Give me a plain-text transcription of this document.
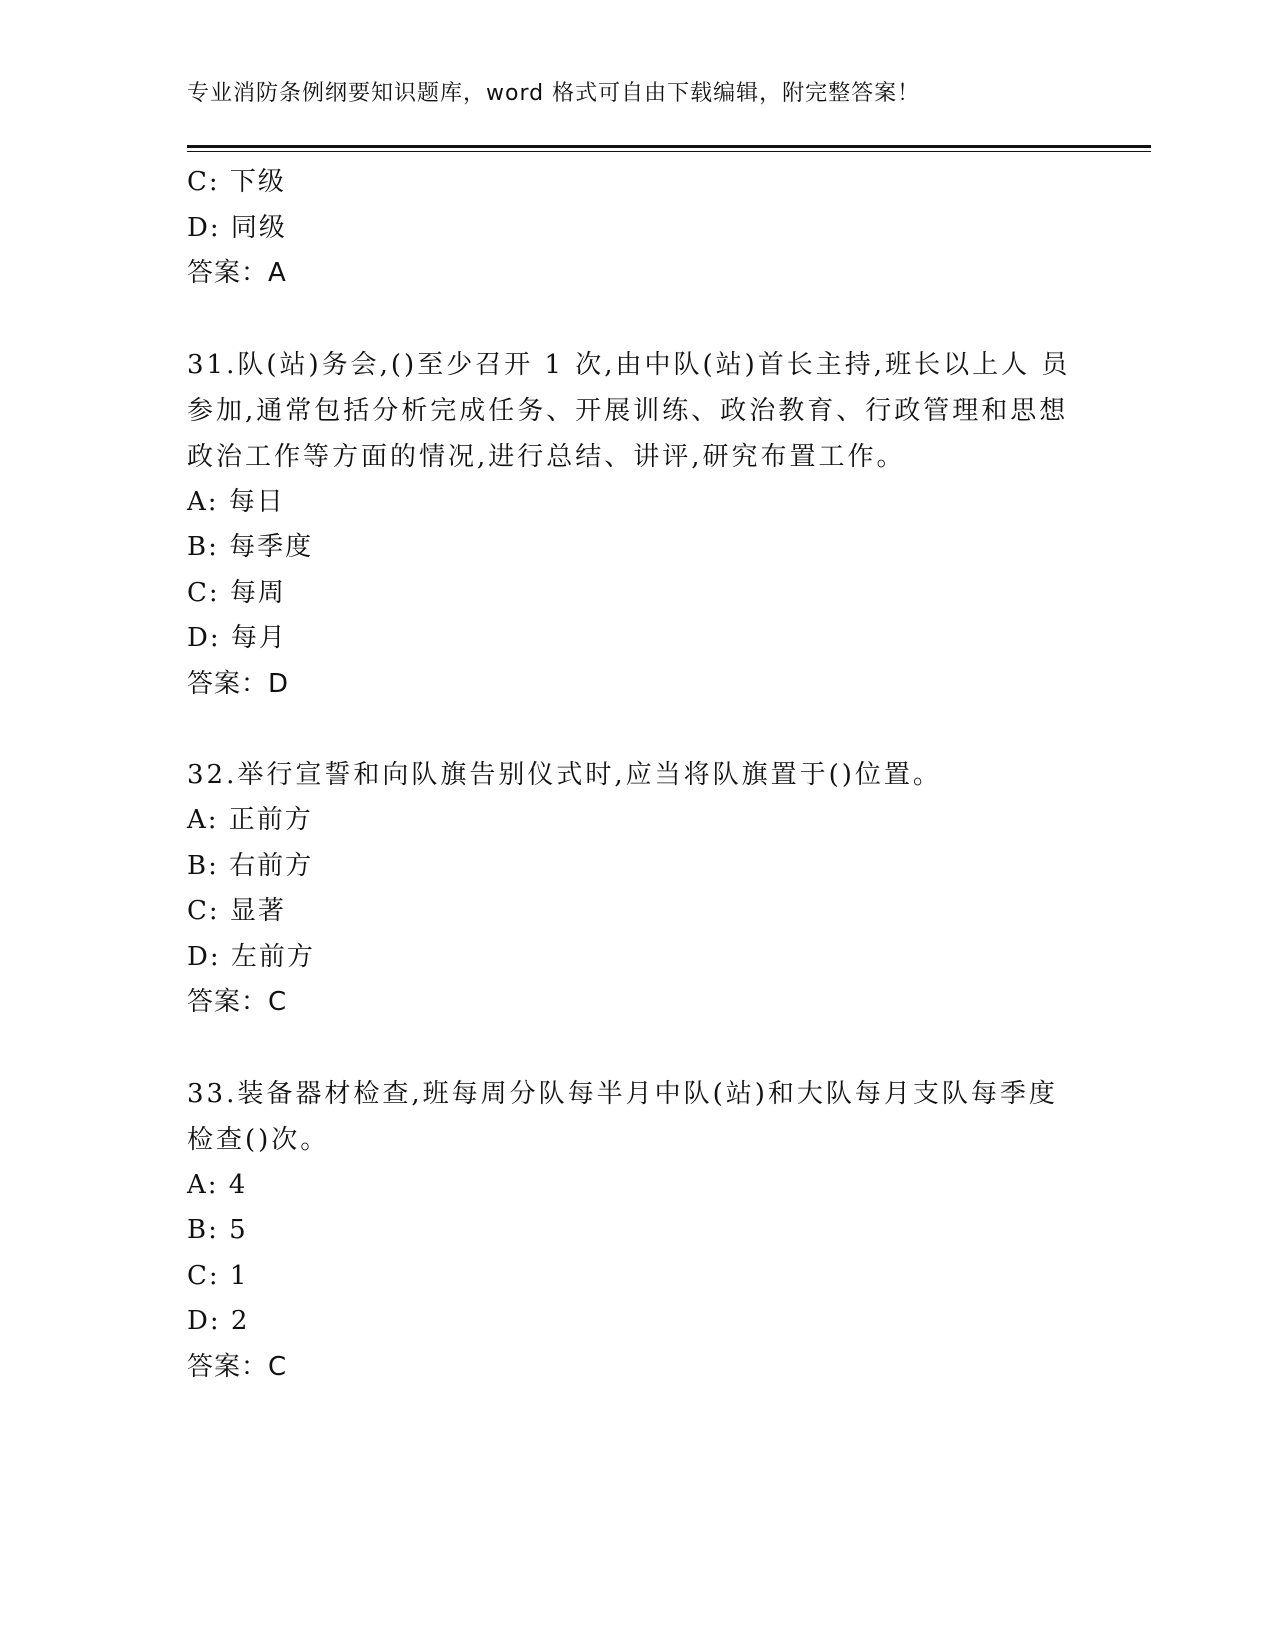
专业消防条例纲要知识题库，word 格式可自由下载编辑，附完整答案！
C: 下级
D: 同级
答案：A
31.队(站)务会,()至少召开 1 次,由中队(站)首长主持,班长以上人 员
参加,通常包括分析完成任务、开展训练、政治教育、行政管理和思想
政治工作等方面的情况,进行总结、讲评,研究布置工作。
A: 每日
B: 每季度
C: 每周
D: 每月
答案：D
32.举行宣誓和向队旗告别仪式时,应当将队旗置于()位置。
A: 正前方
B: 右前方
C: 显著
D: 左前方
答案：C
33.装备器材检查,班每周分队每半月中队(站)和大队每月支队每季度
检查()次。
A: 4
B: 5
C: 1
D: 2
答案：C
